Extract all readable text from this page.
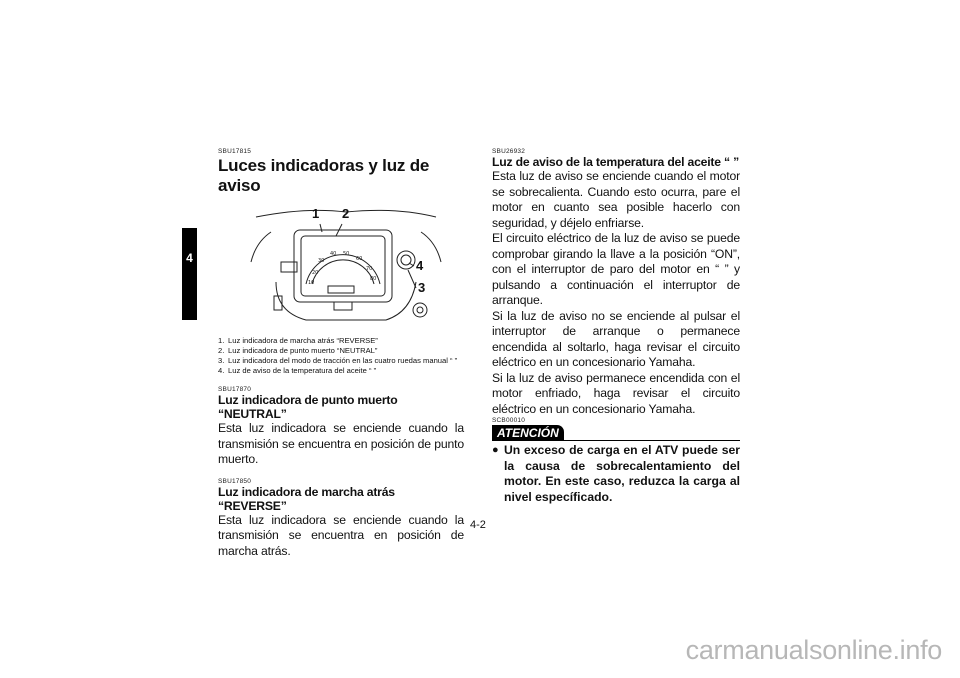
4
SBU17815
Luces indicadoras y luz de aviso
20
30
40 50
60
70
80
10
1 2
3
4
1. Luz indicadora de marcha atrás “REVERSE”
2. Luz indicadora de punto muerto “NEUTRAL”
3. Luz indicadora del modo de tracción en las cuatro ruedas manual “ ”
4. Luz de aviso de la temperatura del aceite “ ”
SBU17870
Luz indicadora de punto muerto “NEUTRAL”

Esta luz indicadora se enciende cuando la transmisión se encuentra en posición de punto muerto.

SBU17850
Luz indicadora de marcha atrás “REVERSE”

Esta luz indicadora se enciende cuando la transmisión se encuentra en posición de marcha atrás.

SBU26932
Luz de aviso de la temperatura del aceite “ ”

Esta luz de aviso se enciende cuando el motor se sobrecalienta. Cuando esto ocurra, pare el motor en cuanto sea posible hacerlo con seguridad, y déjelo enfriarse.

El circuito eléctrico de la luz de aviso se puede comprobar girando la llave a la posición “ON”, con el interruptor de paro del motor en “ ” y pulsando a continuación el interruptor de arranque.

Si la luz de aviso no se enciende al pulsar el interruptor de arranque o permanece encendida al soltarlo, haga revisar el circuito eléctrico en un concesionario Yamaha.

Si la luz de aviso permanece encendida con el motor enfriado, haga revisar el circuito eléctrico en un concesionario Yamaha.

SCB00010
ATENCIÓN
● Un exceso de carga en el ATV puede ser la causa de sobrecalentamiento del motor. En este caso, reduzca la carga al nivel específicado.
4-2
carmanualsonline.info
